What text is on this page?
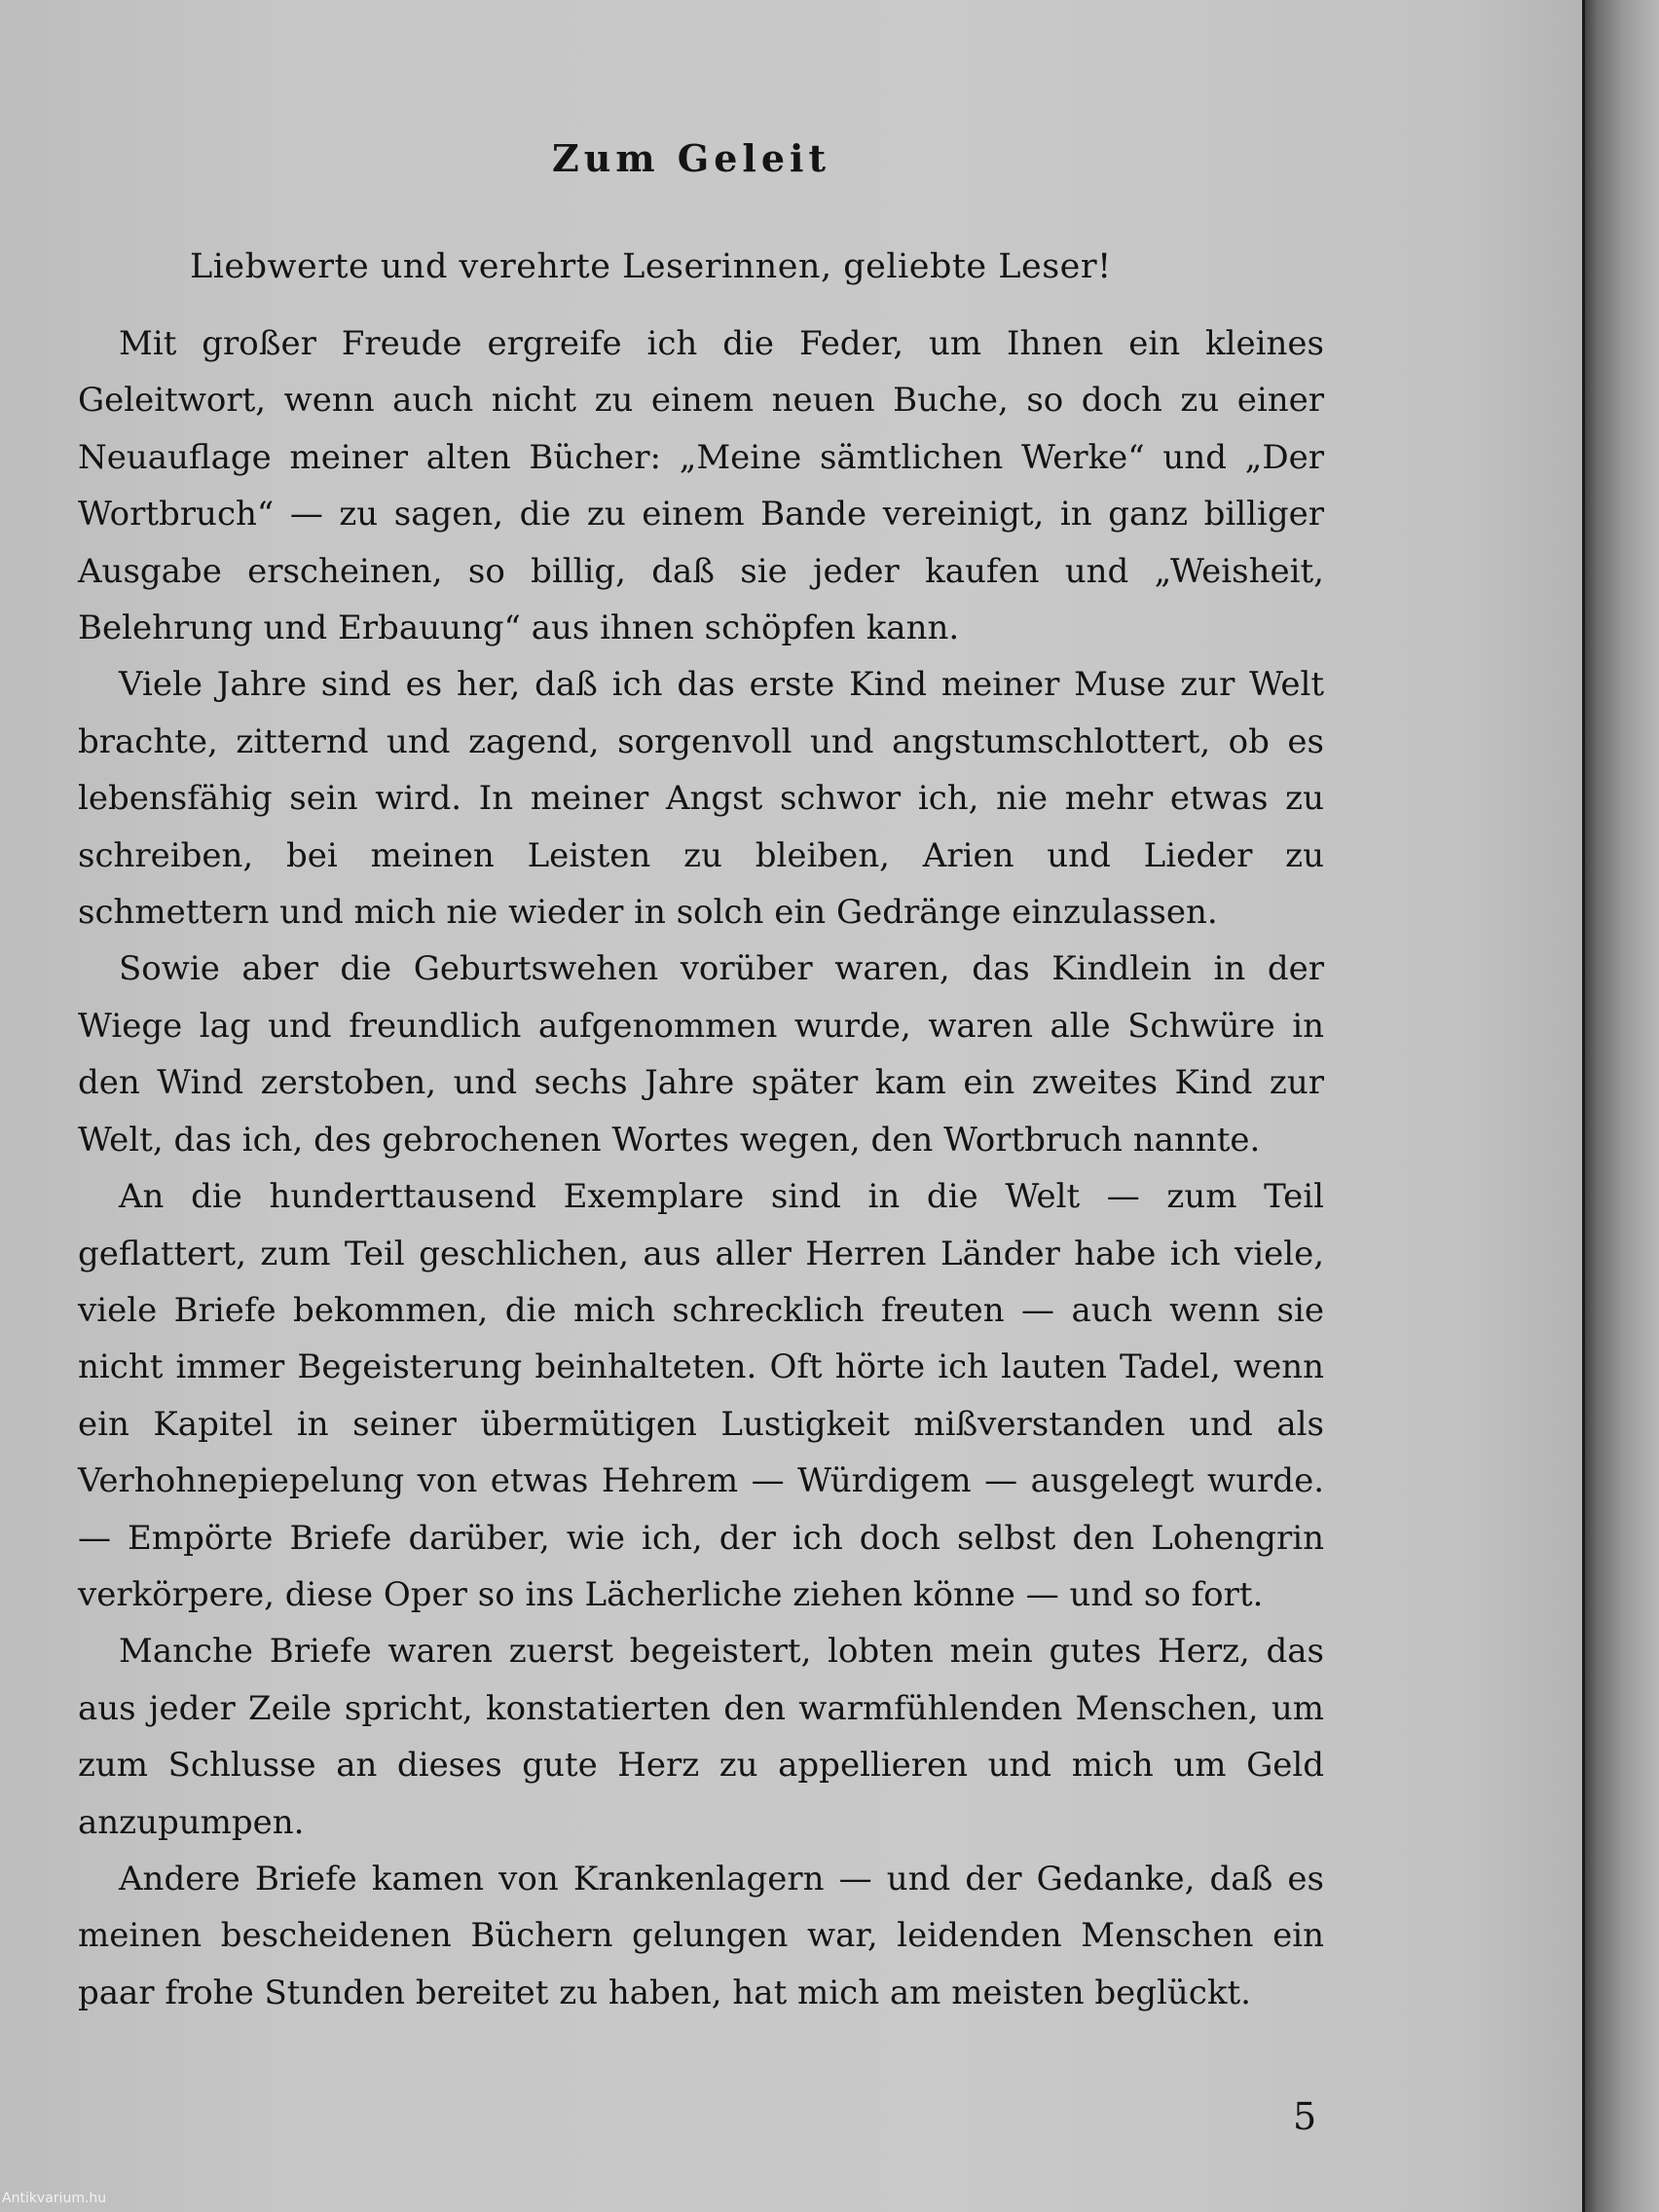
Zum Geleit

Liebwerte und verehrte Leserinnen, geliebte Leser!

Mit großer Freude ergreife ich die Feder, um Ihnen ein kleines Geleitwort, wenn auch nicht zu einem neuen Buche, so doch zu einer Neuauflage meiner alten Bücher: „Meine sämtlichen Werke“ und „Der Wortbruch“ — zu sagen, die zu einem Bande vereinigt, in ganz billiger Ausgabe erscheinen, so billig, daß sie jeder kaufen und „Weisheit, Belehrung und Erbauung“ aus ihnen schöpfen kann.

Viele Jahre sind es her, daß ich das erste Kind meiner Muse zur Welt brachte, zitternd und zagend, sorgenvoll und angstumschlottert, ob es lebensfähig sein wird. In meiner Angst schwor ich, nie mehr etwas zu schreiben, bei meinen Leisten zu bleiben, Arien und Lieder zu schmettern und mich nie wieder in solch ein Gedränge einzulassen.

Sowie aber die Geburtswehen vorüber waren, das Kindlein in der Wiege lag und freundlich aufgenommen wurde, waren alle Schwüre in den Wind zerstoben, und sechs Jahre später kam ein zweites Kind zur Welt, das ich, des gebrochenen Wortes wegen, den Wortbruch nannte.

An die hunderttausend Exemplare sind in die Welt — zum Teil geflattert, zum Teil geschlichen, aus aller Herren Länder habe ich viele, viele Briefe bekommen, die mich schrecklich freuten — auch wenn sie nicht immer Begeisterung beinhalteten. Oft hörte ich lauten Tadel, wenn ein Kapitel in seiner übermütigen Lustigkeit mißverstanden und als Verhohnepiepelung von etwas Hehrem — Würdigem — ausgelegt wurde. — Empörte Briefe darüber, wie ich, der ich doch selbst den Lohengrin verkörpere, diese Oper so ins Lächerliche ziehen könne — und so fort.

Manche Briefe waren zuerst begeistert, lobten mein gutes Herz, das aus jeder Zeile spricht, konstatierten den warmfühlenden Menschen, um zum Schlusse an dieses gute Herz zu appellieren und mich um Geld anzupumpen.

Andere Briefe kamen von Krankenlagern — und der Gedanke, daß es meinen bescheidenen Büchern gelungen war, leidenden Menschen ein paar frohe Stunden bereitet zu haben, hat mich am meisten beglückt.

5

Antikvarium.hu
